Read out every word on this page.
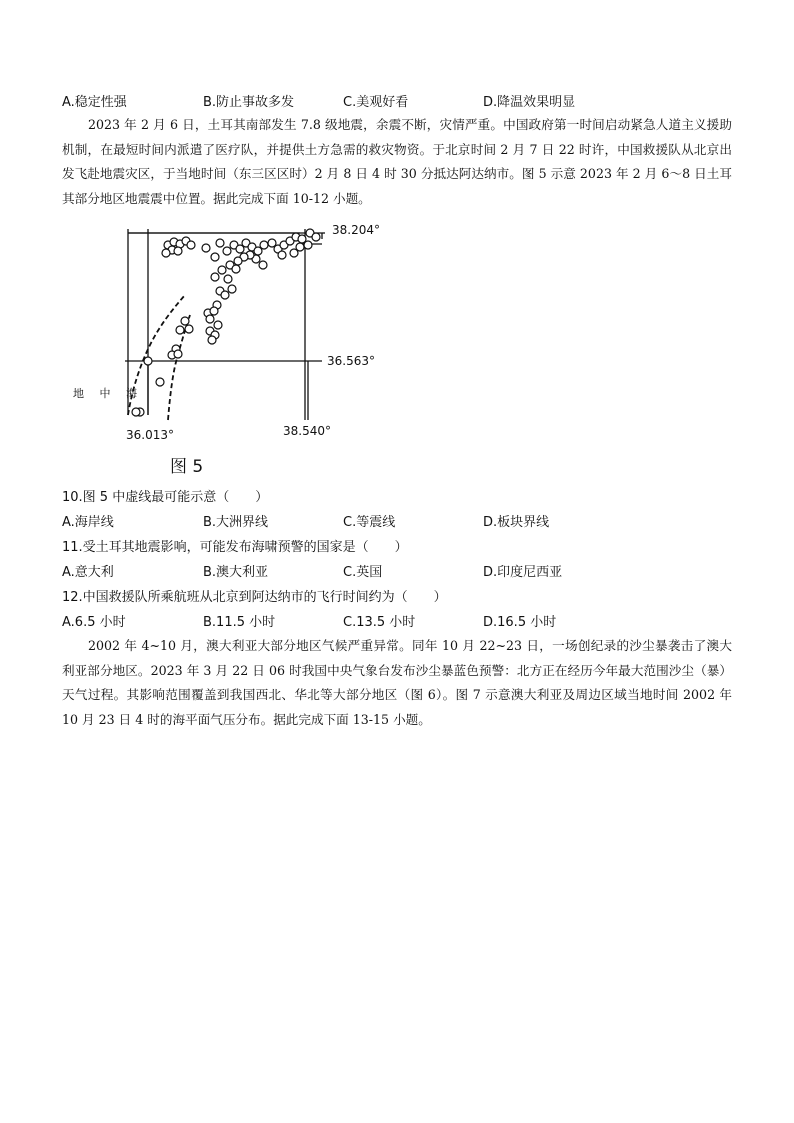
A.稳定性强	B.防止事故多发	C.美观好看	D.降温效果明显
2023 年 2 月 6 日，土耳其南部发生 7.8 级地震，余震不断，灾情严重。中国政府第一时间启动紧急人道主义援助机制，在最短时间内派遣了医疗队，并提供土方急需的救灾物资。于北京时间 2 月 7 日 22 时许，中国救援队从北京出发飞赴地震灾区，于当地时间（东三区区时）2 月 8 日 4 时 30 分抵达阿达纳市。图 5 示意 2023 年 2 月 6～8 日土耳其部分地区地震震中位置。据此完成下面 10-12 小题。
38.204°
36.563°
36.013°	38.540°
地 中 海
图 5
10.图 5 中虚线最可能示意（　　）
A.海岸线	B.大洲界线	C.等震线	D.板块界线
11.受土耳其地震影响，可能发布海啸预警的国家是（　　）
A.意大利	B.澳大利亚	C.英国	D.印度尼西亚
12.中国救援队所乘航班从北京到阿达纳市的飞行时间约为（　　）
A.6.5 小时	B.11.5 小时	C.13.5 小时	D.16.5 小时
2002 年 4~10 月，澳大利亚大部分地区气候严重异常。同年 10 月 22~23 日，一场创纪录的沙尘暴袭击了澳大利亚部分地区。2023 年 3 月 22 日 06 时我国中央气象台发布沙尘暴蓝色预警：北方正在经历今年最大范围沙尘（暴）天气过程。其影响范围覆盖到我国西北、华北等大部分地区（图 6）。图 7 示意澳大利亚及周边区域当地时间 2002 年 10 月 23 日 4 时的海平面气压分布。据此完成下面 13-15 小题。
